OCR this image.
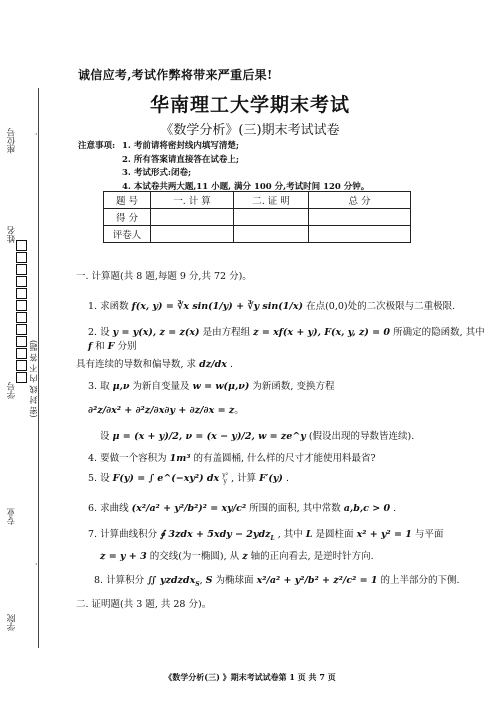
座位号
姓名
学号 (密 封 线 内 不 答 题)
专业
学院
·
·
诚信应考,考试作弊将带来严重后果!
华南理工大学期末考试
《数学分析》(三)期末考试试卷
注意事项: 1. 考前请将密封线内填写清楚;
2. 所有答案请直接答在试卷上;
3. 考试形式:闭卷;
4. 本试卷共两大题,11 小题, 满分 100 分,考试时间 120 分钟。
题 号	一. 计 算	二. 证 明	总 分
得 分			
评卷人			
一. 计算题(共 8 题,每题 9 分,共 72 分)。
1. 求函数 f(x, y) = ∛x sin(1/y) + ∛y sin(1/x) 在点(0,0)处的二次极限与二重极限.
2. 设 y = y(x), z = z(x) 是由方程组 z = xf(x + y), F(x, y, z) = 0 所确定的隐函数, 其中 f 和 F 分别
具有连续的导数和偏导数, 求 dz/dx .
3. 取 μ,ν 为新自变量及 w = w(μ,ν) 为新函数, 变换方程
∂²z/∂x² + ∂²z/∂x∂y + ∂z/∂x = z。
设 μ = (x + y)/2, ν = (x − y)/2, w = ze^y (假设出现的导数皆连续).
4. 要做一个容积为 1m³ 的有盖圆桶, 什么样的尺寸才能使用料最省?
5. 设 F(y) = ∫ e^(−xy²) dx y²
y , 计算 F′(y) .
6. 求曲线 (x²/a² + y²/b²)² = xy/c² 所围的面积, 其中常数 a,b,c > 0 .
7. 计算曲线积分 ∮ 3zdx + 5xdy − 2ydz$_L$ , 其中 L 是圆柱面 x² + y² = 1 与平面
z = y + 3 的交线(为一椭圆), 从 z 轴的正向看去, 是逆时针方向.
8. 计算积分 ∬ yzdzdx$_S$, S 为椭球面 x²/a² + y²/b² + z²/c² = 1 的上半部分的下侧.
二. 证明题(共 3 题, 共 28 分)。
《数学分析(三) 》期末考试试卷第 1 页 共 7 页
